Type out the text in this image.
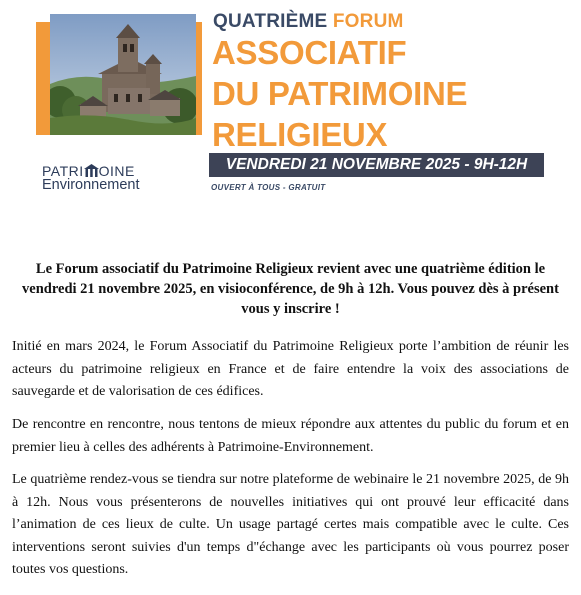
QUATRIÈME FORUM
ASSOCIATIF
DU PATRIMOINE
RELIGIEUX
VENDREDI 21 NOVEMBRE 2025 - 9H-12H
OUVERT À TOUS - GRATUIT
PATRI OINE
Environnement
Le Forum associatif du Patrimoine Religieux revient avec une quatrième édition le vendredi 21 novembre 2025, en visioconférence, de 9h à 12h. Vous pouvez dès à présent vous y inscrire !
Initié en mars 2024, le Forum Associatif du Patrimoine Religieux porte l’ambition de réunir les acteurs du patrimoine religieux en France et de faire entendre la voix des associations de sauvegarde et de valorisation de ces édifices.
De rencontre en rencontre, nous tentons de mieux répondre aux attentes du public du forum et en premier lieu à celles des adhérents à Patrimoine-Environnement.
Le quatrième rendez-vous se tiendra sur notre plateforme de webinaire le 21 novembre 2025, de 9h à 12h. Nous vous présenterons de nouvelles initiatives qui ont prouvé leur efficacité dans l’animation de ces lieux de culte. Un usage partagé certes mais compatible avec le culte. Ces interventions seront suivies d'un temps d"échange avec les participants où vous pourrez poser toutes vos questions.
